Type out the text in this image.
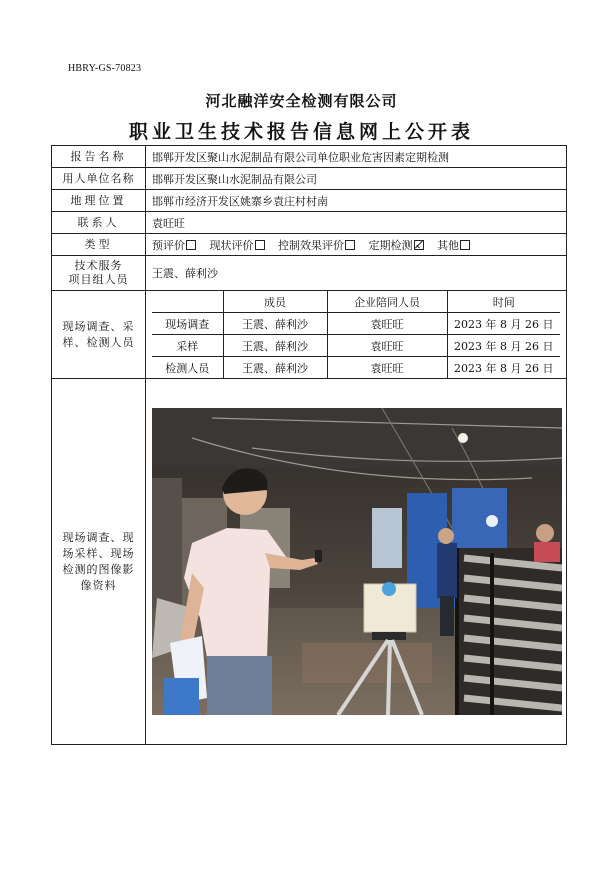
HBRY-GS-70823
河北融洋安全检测有限公司
职业卫生技术报告信息网上公开表
报告名称	邯郸开发区聚山水泥制品有限公司单位职业危害因素定期检测
用人单位名称	邯郸开发区聚山水泥制品有限公司
地理位置	邯郸市经济开发区姚寨乡袁庄村村南
联系人	袁旺旺
类型	预评价 现状评价 控制效果评价 定期检测 其他
技术服务
项目组人员	王震、薛利沙
现场调查、采样、检测人员	
	成员	企业陪同人员	时间
现场调查	王震、薛利沙	袁旺旺	2023 年 8 月 26 日
采样	王震、薛利沙	袁旺旺	2023 年 8 月 26 日
检测人员	王震、薛利沙	袁旺旺	2023 年 8 月 26 日

现场调查、现场采样、现场检测的图像影像资料	
